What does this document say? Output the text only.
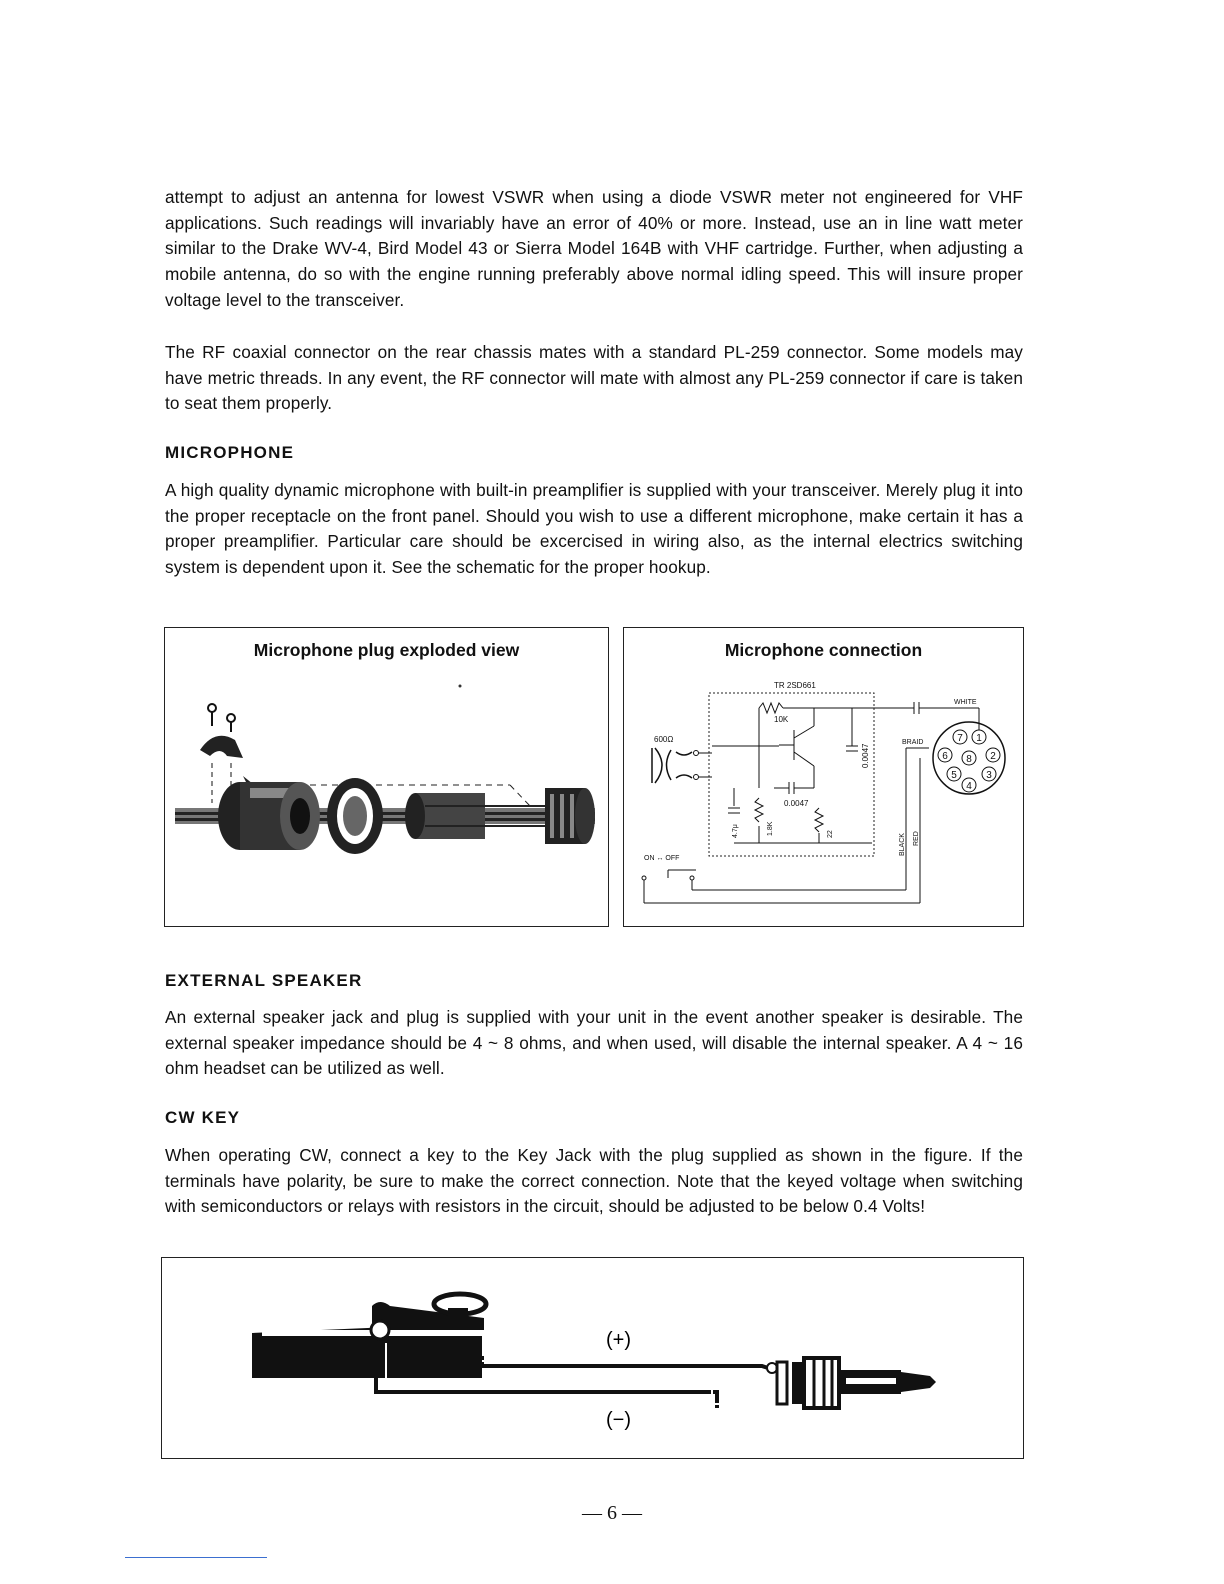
attempt to adjust an antenna for lowest VSWR when using a diode VSWR meter not engineered for VHF applications. Such readings will invariably have an error of 40% or more. Instead, use an in line watt meter similar to the Drake WV-4, Bird Model 43 or Sierra Model 164B with VHF cartridge. Further, when adjusting a mobile antenna, do so with the engine running preferably above normal idling speed. This will insure proper voltage level to the transceiver.

The RF coaxial connector on the rear chassis mates with a standard PL-259 connector. Some models may have metric threads. In any event, the RF connector will mate with almost any PL-259 connector if care is taken to seat them properly.

MICROPHONE

A high quality dynamic microphone with built-in preamplifier is supplied with your transceiver. Merely plug it into the proper receptacle on the front panel. Should you wish to use a different microphone, make certain it has a proper preamplifier. Particular care should be excercised in wiring also, as the internal electrics switching system is dependent upon it. See the schematic for the proper hookup.

Microphone plug exploded view	Microphone connection
TR 2SD661
10K
600Ω
0.0047
0.0047
4.7μ	1.8K	22
WHITE
BRAID
BLACK RED
ON ↔ OFF
7 1
6 8 2
5	3
4
EXTERNAL SPEAKER

An external speaker jack and plug is supplied with your unit in the event another speaker is desirable. The external speaker impedance should be 4 ~ 8 ohms, and when used, will disable the internal speaker. A 4 ~ 16 ohm headset can be utilized as well.

CW KEY

When operating CW, connect a key to the Key Jack with the plug supplied as shown in the figure. If the terminals have polarity, be sure to make the correct connection. Note that the keyed voltage when switching with semiconductors or relays with resistors in the circuit, should be adjusted to be below 0.4 Volts!

(+)
(−)
— 6 —
